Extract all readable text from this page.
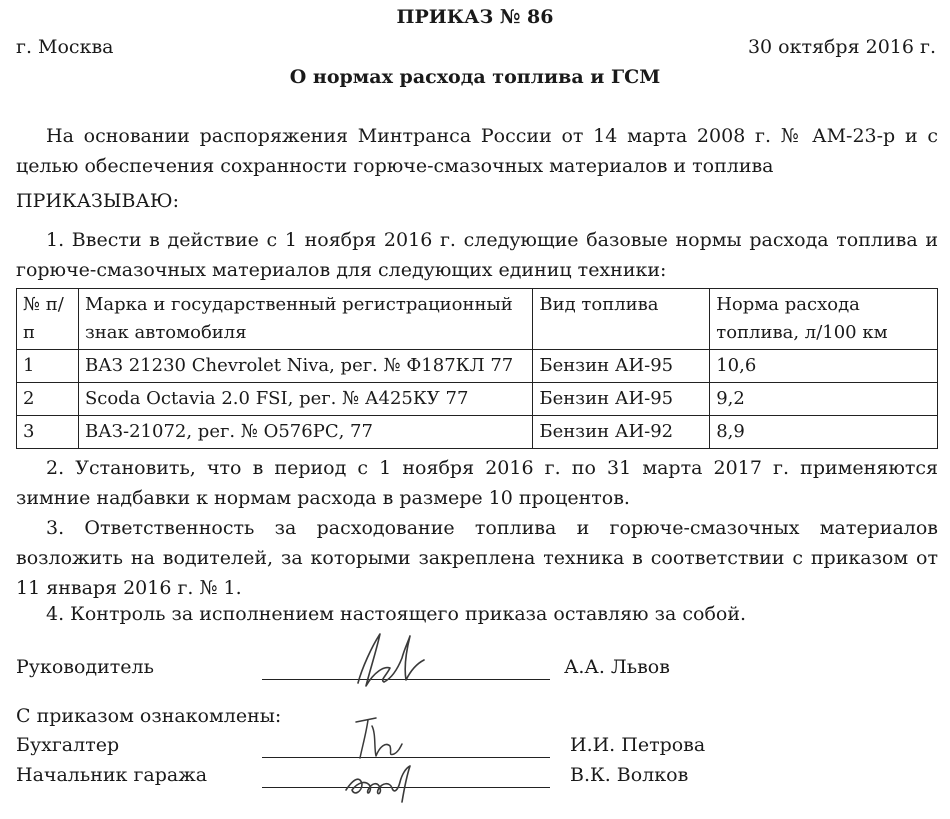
ПРИКАЗ № 86
г. Москва	30 октября 2016 г.
О нормах расхода топлива и ГСМ
На основании распоряжения Минтранса России от 14 марта 2008 г. № АМ-23-р и с целью обеспечения сохранности горюче-смазочных материалов и топлива
ПРИКАЗЫВАЮ:
1. Ввести в действие с 1 ноября 2016 г. следующие базовые нормы расхода топлива и горюче-смазочных материалов для следующих единиц техники:
№ п/п	Марка и государственный регистрационный знак автомобиля	Вид топлива	Норма расхода топлива, л/100 км
1	ВАЗ 21230 Chevrolet Niva, рег. № Ф187КЛ 77	Бензин АИ-95	10,6
2	Scoda Octavia 2.0 FSI, рег. № А425КУ 77	Бензин АИ-95	9,2
3	ВАЗ-21072, рег. № О576РС, 77	Бензин АИ-92	8,9
2. Установить, что в период с 1 ноября 2016 г. по 31 марта 2017 г. применяются зимние надбавки к нормам расхода в размере 10 процентов.
3. Ответственность за расходование топлива и горюче-смазочных материалов возложить на водителей, за которыми закреплена техника в соответствии с приказом от 11 января 2016 г. № 1.
4. Контроль за исполнением настоящего приказа оставляю за собой.
Руководитель	А.А. Львов
С приказом ознакомлены:
Бухгалтер	И.И. Петрова
Начальник гаража	В.К. Волков
